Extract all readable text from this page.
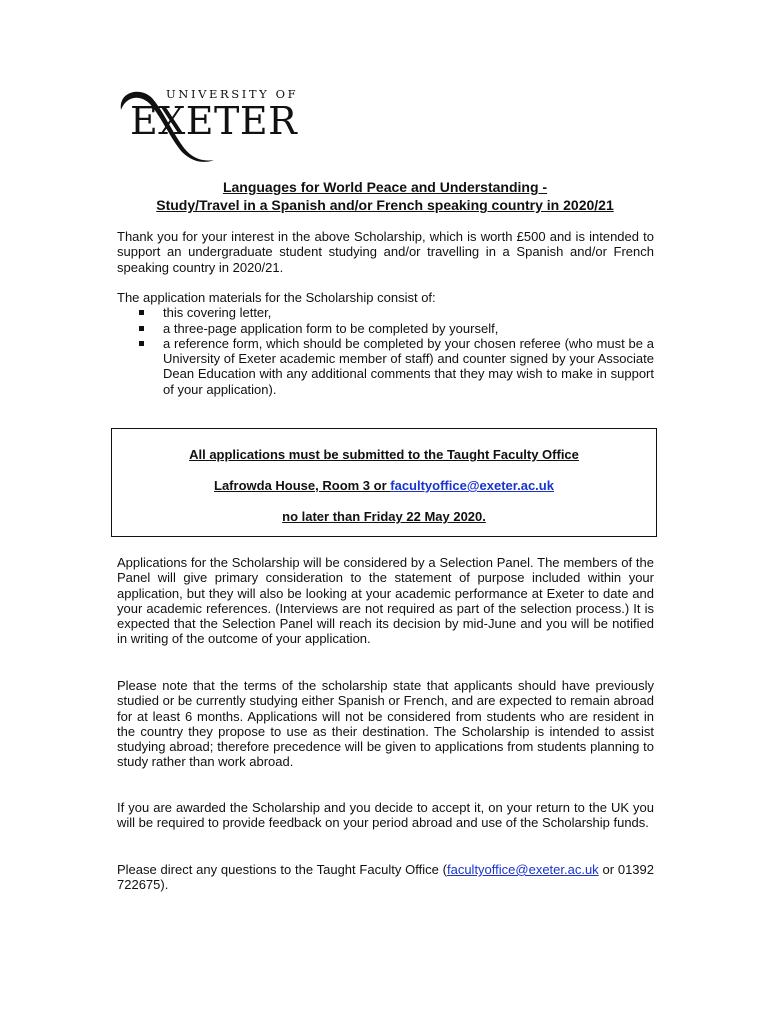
UNIVERSITY OF
EXETER

Languages for World Peace and Understanding -

Study/Travel in a Spanish and/or French speaking country in 2020/21

Thank you for your interest in the above Scholarship, which is worth £500 and is intended to support an undergraduate student studying and/or travelling in a Spanish and/or French speaking country in 2020/21.

The application materials for the Scholarship consist of:

this covering letter,
a three-page application form to be completed by yourself,
a reference form, which should be completed by your chosen referee (who must be a University of Exeter academic member of staff) and counter signed by your Associate Dean Education with any additional comments that they may wish to make in support of your application).

All applications must be submitted to the Taught Faculty Office

Lafrowda House, Room 3 or facultyoffice@exeter.ac.uk

no later than Friday 22 May 2020.

Applications for the Scholarship will be considered by a Selection Panel. The members of the Panel will give primary consideration to the statement of purpose included within your application, but they will also be looking at your academic performance at Exeter to date and your academic references. (Interviews are not required as part of the selection process.) It is expected that the Selection Panel will reach its decision by mid-June and you will be notified in writing of the outcome of your application.

Please note that the terms of the scholarship state that applicants should have previously studied or be currently studying either Spanish or French, and are expected to remain abroad for at least 6 months. Applications will not be considered from students who are resident in the country they propose to use as their destination. The Scholarship is intended to assist studying abroad; therefore precedence will be given to applications from students planning to study rather than work abroad.

If you are awarded the Scholarship and you decide to accept it, on your return to the UK you will be required to provide feedback on your period abroad and use of the Scholarship funds.

Please direct any questions to the Taught Faculty Office (facultyoffice@exeter.ac.uk or 01392 722675).
